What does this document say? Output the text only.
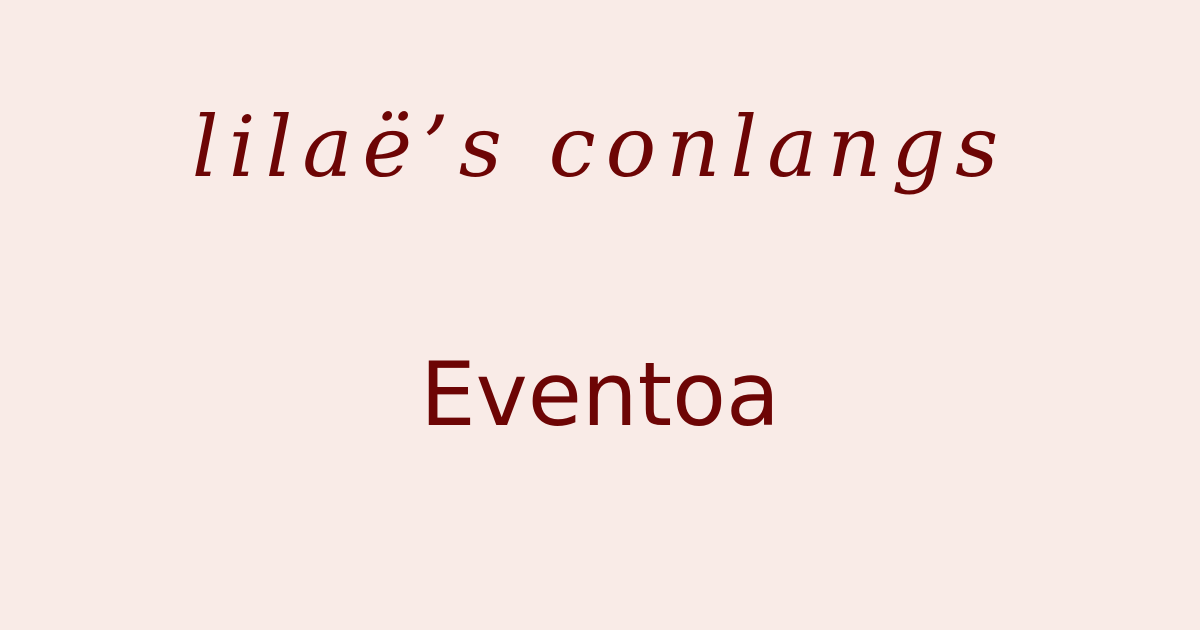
lilaë’s conlangs
Eventoa
